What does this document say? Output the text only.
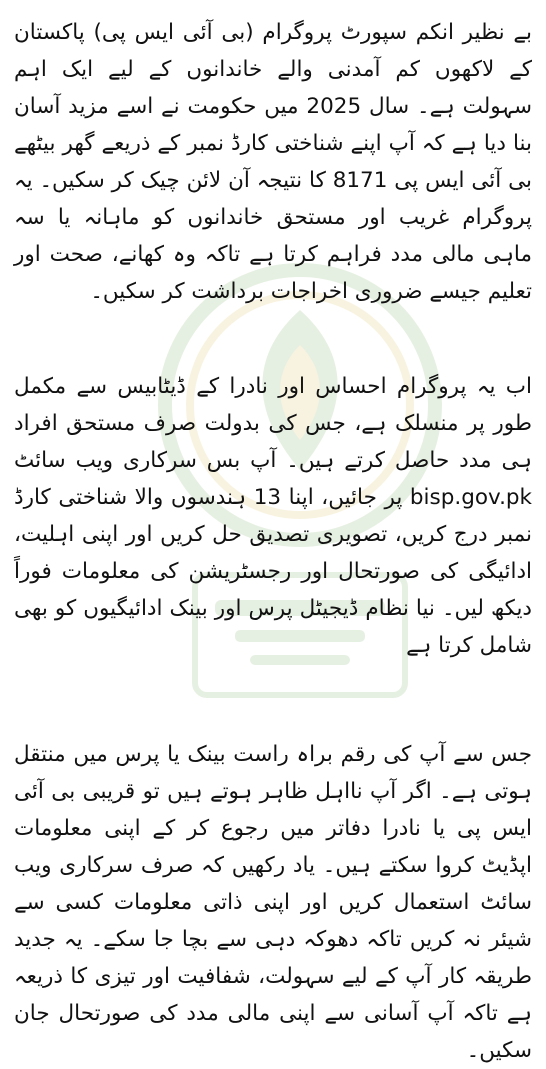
بے نظیر انکم سپورٹ پروگرام (بی آئی ایس پی) پاکستان کے لاکھوں کم آمدنی والے خاندانوں کے لیے ایک اہم سہولت ہے۔ سال 2025 میں حکومت نے اسے مزید آسان بنا دیا ہے کہ آپ اپنے شناختی کارڈ نمبر کے ذریعے گھر بیٹھے بی آئی ایس پی 8171 کا نتیجہ آن لائن چیک کر سکیں۔ یہ پروگرام غریب اور مستحق خاندانوں کو ماہانہ یا سہ ماہی مالی مدد فراہم کرتا ہے تاکہ وہ کھانے، صحت اور تعلیم جیسے ضروری اخراجات برداشت کر سکیں۔

اب یہ پروگرام احساس اور نادرا کے ڈیٹابیس سے مکمل طور پر منسلک ہے، جس کی بدولت صرف مستحق افراد ہی مدد حاصل کرتے ہیں۔ آپ بس سرکاری ویب سائٹ bisp.gov.pk پر جائیں، اپنا 13 ہندسوں والا شناختی کارڈ نمبر درج کریں، تصویری تصدیق حل کریں اور اپنی اہلیت، ادائیگی کی صورتحال اور رجسٹریشن کی معلومات فوراً دیکھ لیں۔ نیا نظام ڈیجیٹل پرس اور بینک ادائیگیوں کو بھی شامل کرتا ہے

جس سے آپ کی رقم براہ راست بینک یا پرس میں منتقل ہوتی ہے۔ اگر آپ نااہل ظاہر ہوتے ہیں تو قریبی بی آئی ایس پی یا نادرا دفاتر میں رجوع کر کے اپنی معلومات اپڈیٹ کروا سکتے ہیں۔ یاد رکھیں کہ صرف سرکاری ویب سائٹ استعمال کریں اور اپنی ذاتی معلومات کسی سے شیئر نہ کریں تاکہ دھوکہ دہی سے بچا جا سکے۔ یہ جدید طریقہ کار آپ کے لیے سہولت، شفافیت اور تیزی کا ذریعہ ہے تاکہ آپ آسانی سے اپنی مالی مدد کی صورتحال جان سکیں۔
